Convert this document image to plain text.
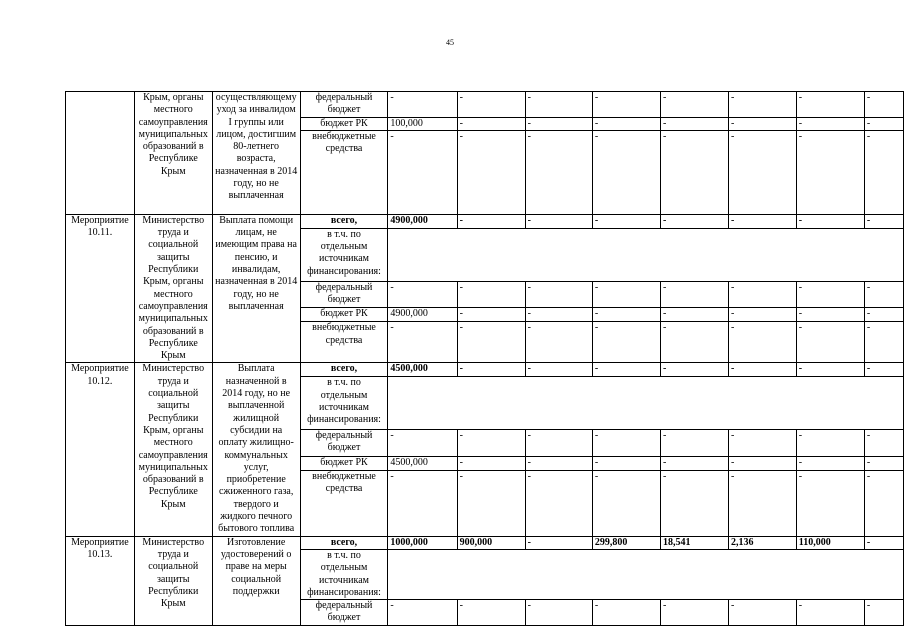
45
	Крым, органы местного самоуправления муниципальных образований в Республике Крым	осуществляющему уход за инвалидом I группы или лицом, достигшим 80-летнего возраста, назначенная в 2014 году, но не выплаченная	федеральный бюджет	-	-	-	-	-	-	-	-
			бюджет РК	100,000	-	-	-	-	-	-	-
			внебюджетные средства	-	-	-	-	-	-	-	-
Мероприятие 10.11.	Министерство труда и социальной защиты Республики Крым, органы местного самоуправления муниципальных образований в Республике Крым	Выплата помощи лицам, не имеющим права на пенсию, и инвалидам, назначенная в 2014 году, но не выплаченная	всего,	4900,000	-	-	-	-	-	-	-
			в т.ч. по отдельным источникам финансирования:								
			федеральный бюджет	-	-	-	-	-	-	-	-
			бюджет РК	4900,000	-	-	-	-	-	-	-
			внебюджетные средства	-	-	-	-	-	-	-	-
Мероприятие 10.12.	Министерство труда и социальной защиты Республики Крым, органы местного самоуправления муниципальных образований в Республике Крым	Выплата назначенной в 2014 году, но не выплаченной жилищной субсидии на оплату жилищно-коммунальных услуг, приобретение сжиженного газа, твердого и жидкого печного бытового топлива	всего,	4500,000	-	-	-	-	-	-	-
			в т.ч. по отдельным источникам финансирования:								
			федеральный бюджет	-	-	-	-	-	-	-	-
			бюджет РК	4500,000	-	-	-	-	-	-	-
			внебюджетные средства	-	-	-	-	-	-	-	-
Мероприятие 10.13.	Министерство труда и социальной защиты Республики Крым	Изготовление удостоверений о праве на меры социальной поддержки	всего,	1000,000	900,000	-	299,800	18,541	2,136	110,000	-
			в т.ч. по отдельным источникам финансирования:								
			федеральный бюджет	-	-	-	-	-	-	-	-
